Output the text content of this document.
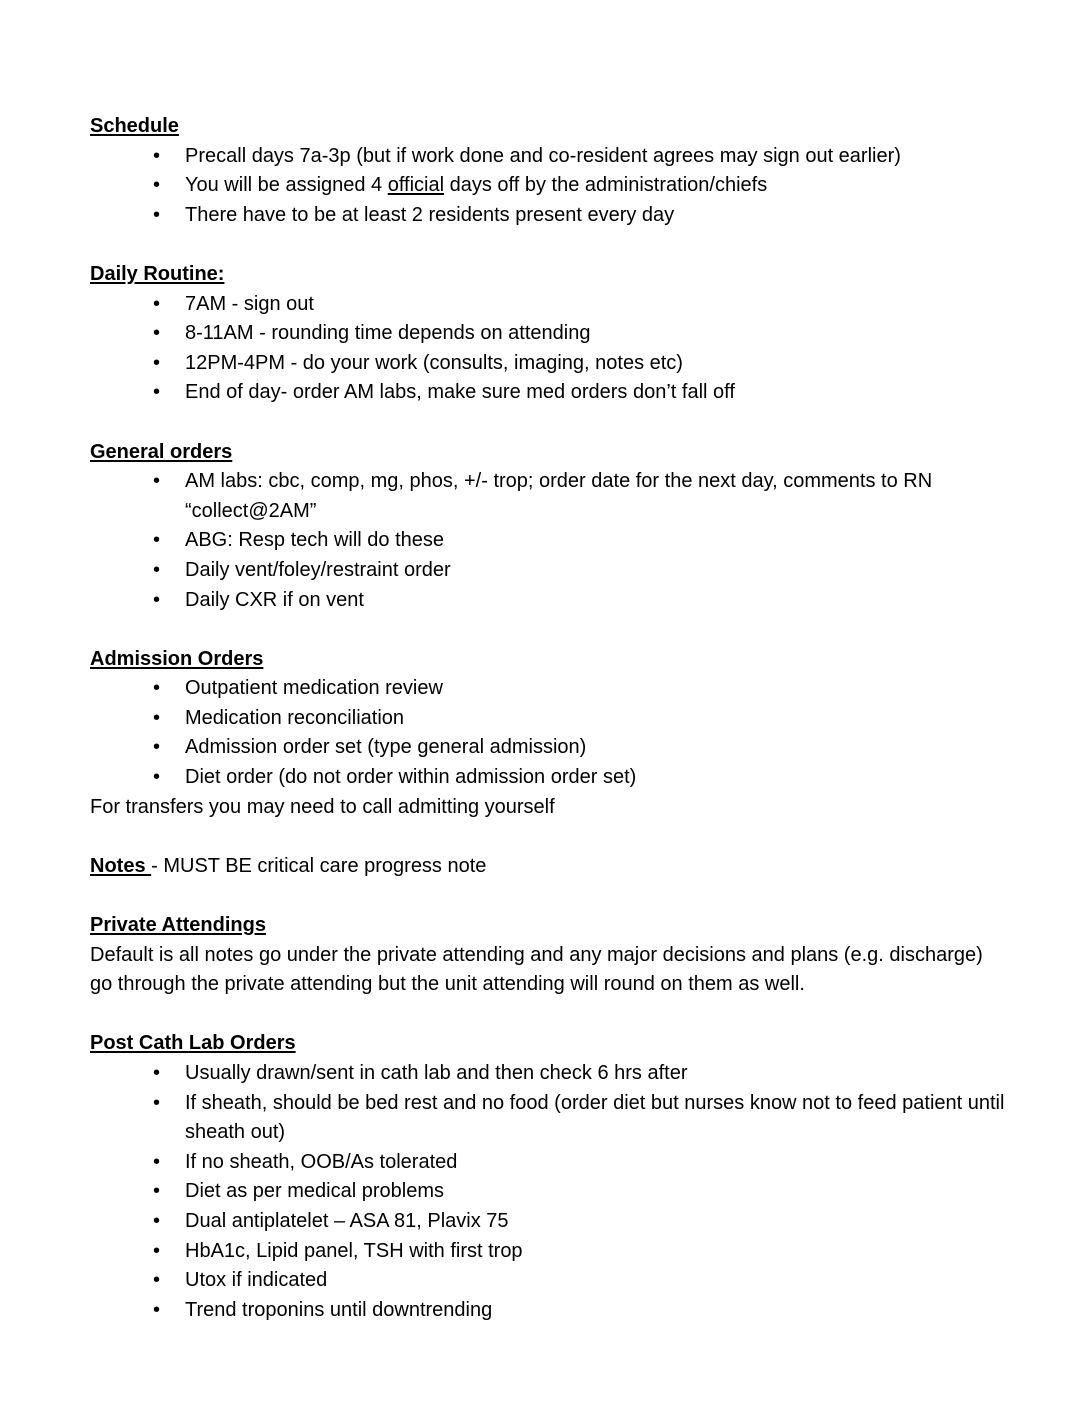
Schedule

• Precall days 7a-3p (but if work done and co-resident agrees may sign out earlier)
• You will be assigned 4 official days off by the administration/chiefs
• There have to be at least 2 residents present every day

Daily Routine:

• 7AM - sign out
• 8-11AM - rounding time depends on attending
• 12PM-4PM - do your work (consults, imaging, notes etc)
• End of day- order AM labs, make sure med orders don’t fall off

General orders

• AM labs: cbc, comp, mg, phos, +/- trop; order date for the next day, comments to RN “collect@2AM”
• ABG: Resp tech will do these
• Daily vent/foley/restraint order
• Daily CXR if on vent

Admission Orders

• Outpatient medication review
• Medication reconciliation
• Admission order set (type general admission)
• Diet order (do not order within admission order set)

For transfers you may need to call admitting yourself

Notes - MUST BE critical care progress note

Private Attendings

Default is all notes go under the private attending and any major decisions and plans (e.g. discharge) go through the private attending but the unit attending will round on them as well.

Post Cath Lab Orders

• Usually drawn/sent in cath lab and then check 6 hrs after
• If sheath, should be bed rest and no food (order diet but nurses know not to feed patient until sheath out)
• If no sheath, OOB/As tolerated
• Diet as per medical problems
• Dual antiplatelet – ASA 81, Plavix 75
• HbA1c, Lipid panel, TSH with first trop
• Utox if indicated
• Trend troponins until downtrending
